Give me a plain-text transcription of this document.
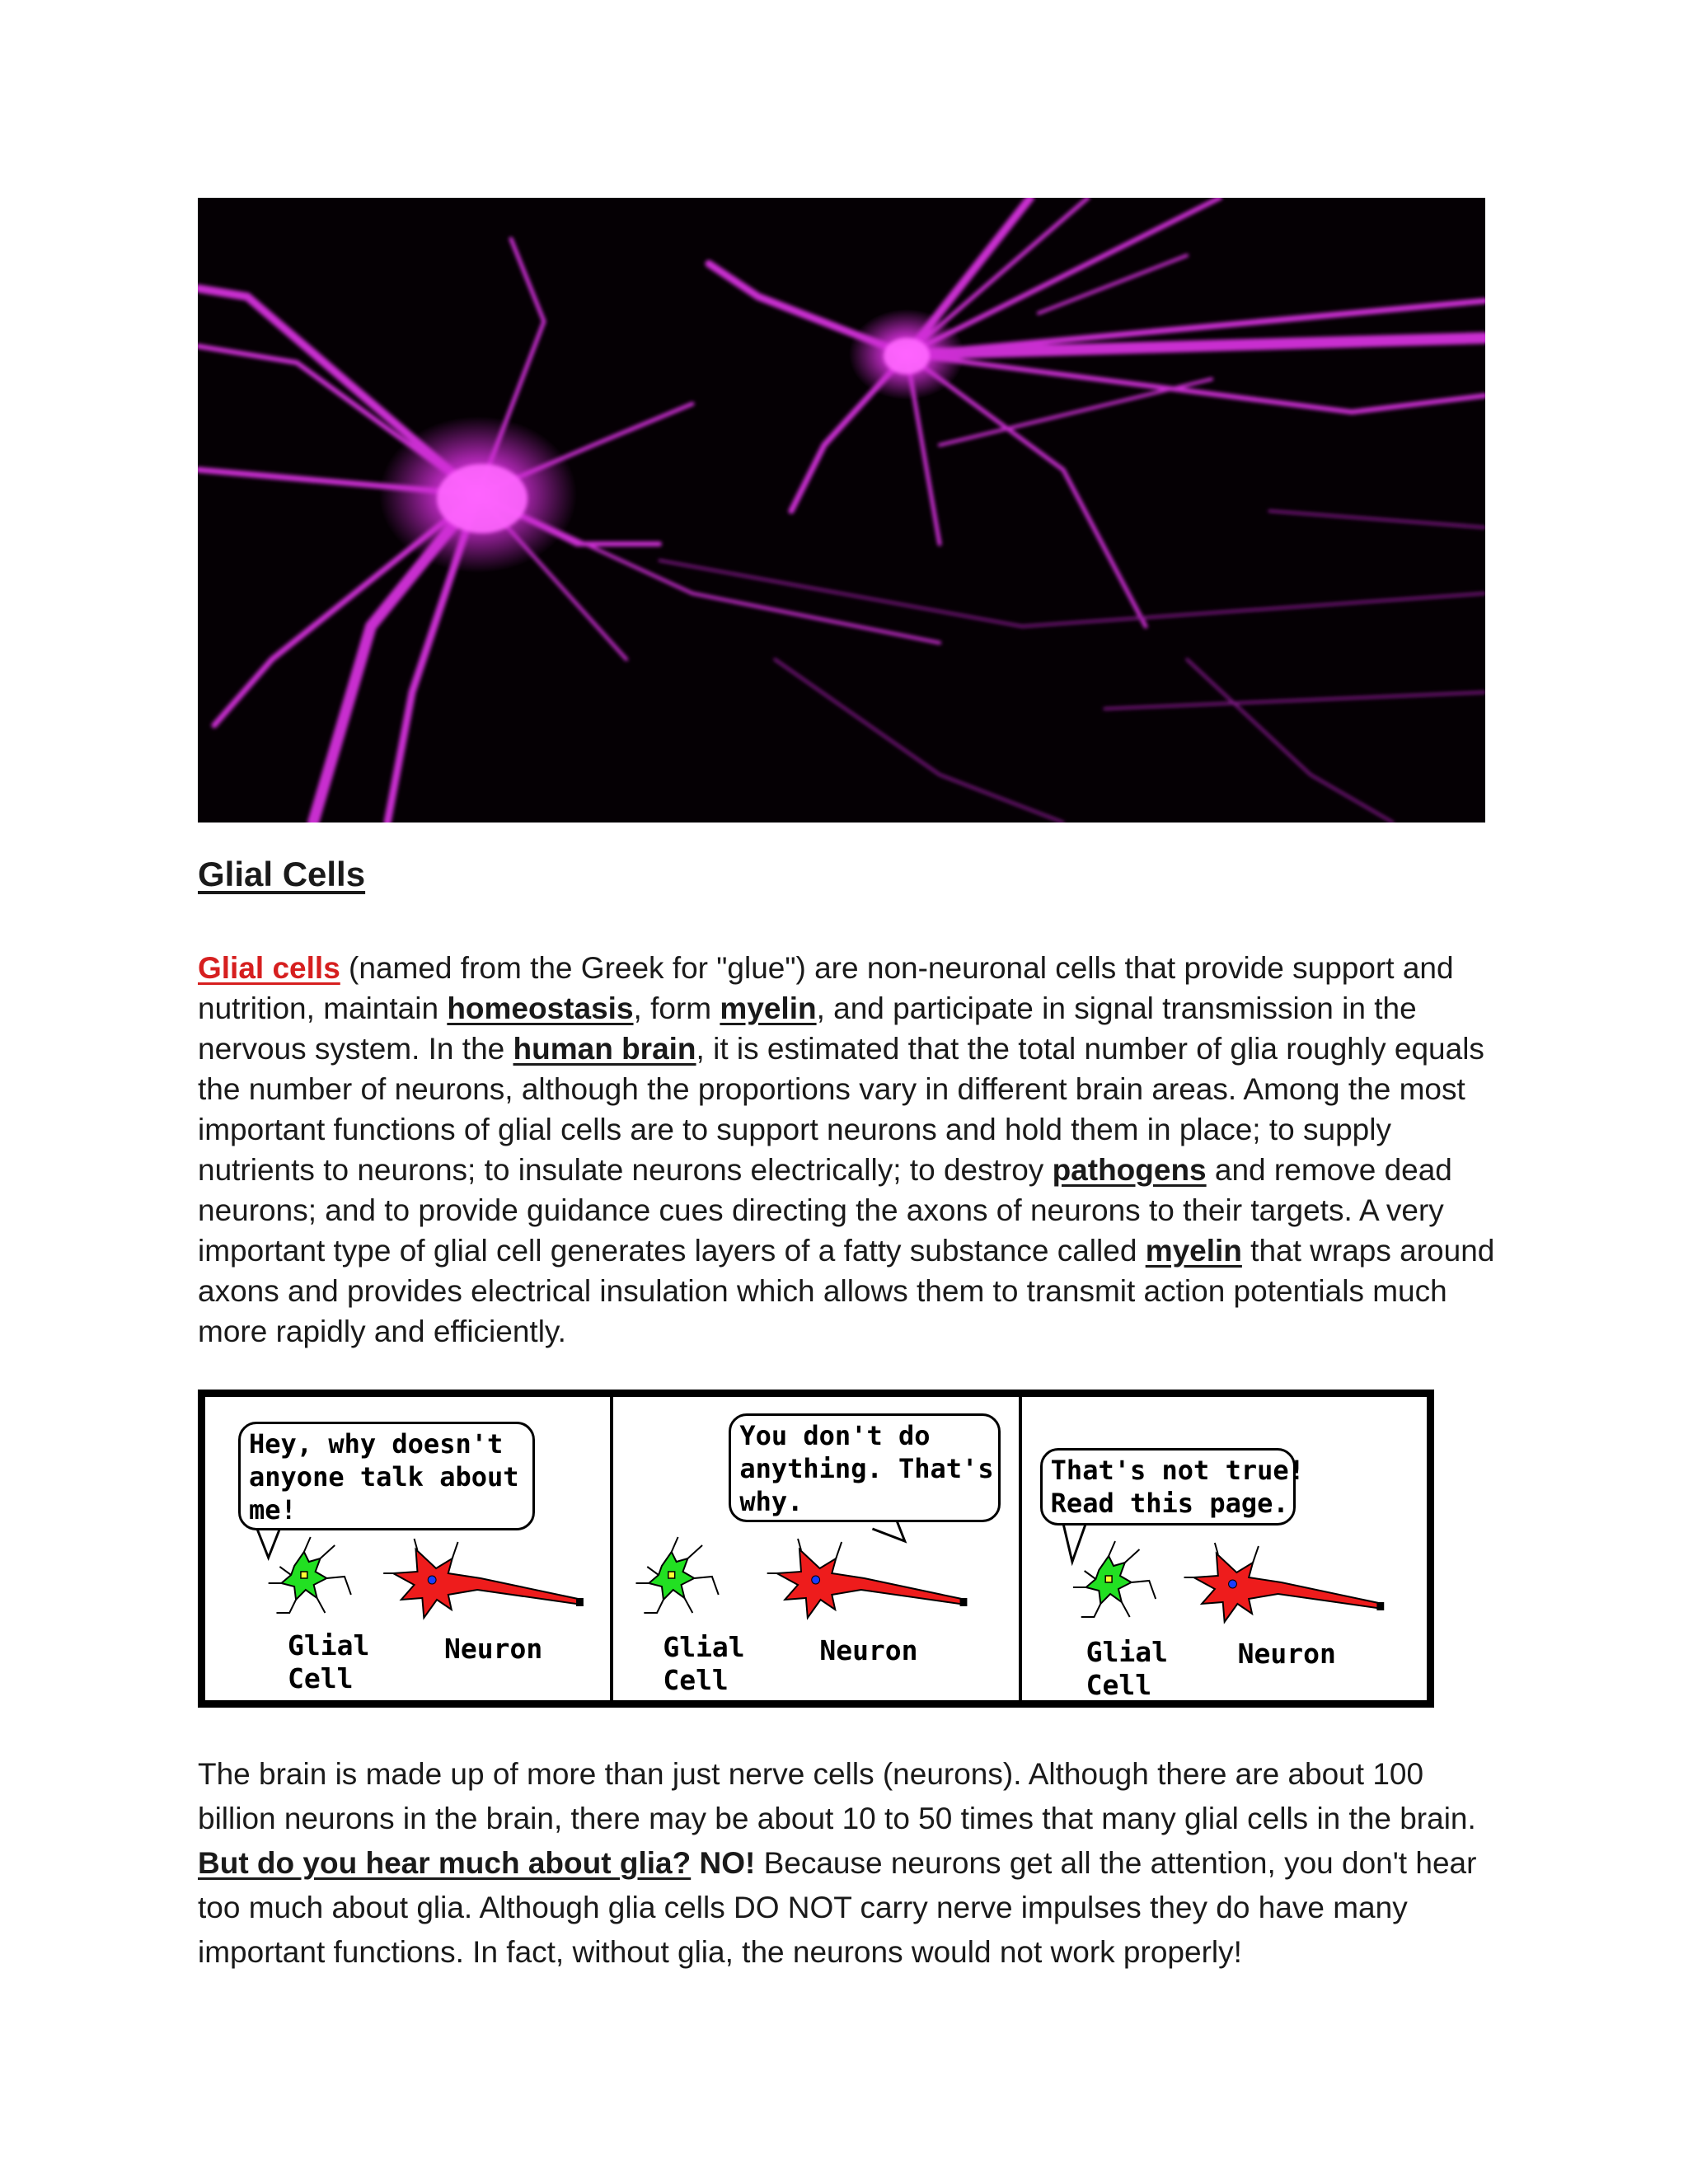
Glial Cells

Glial cells (named from the Greek for "glue") are non-neuronal cells that provide support and nutrition, maintain homeostasis, form myelin, and participate in signal transmission in the nervous system. In the human brain, it is estimated that the total number of glia roughly equals the number of neurons, although the proportions vary in different brain areas. Among the most important functions of glial cells are to support neurons and hold them in place; to supply nutrients to neurons; to insulate neurons electrically; to destroy pathogens and remove dead neurons; and to provide guidance cues directing the axons of neurons to their targets. A very important type of glial cell generates layers of a fatty substance called myelin that wraps around axons and provides electrical insulation which allows them to transmit action potentials much more rapidly and efficiently.

Hey, why doesn't
anyone talk about
me!
Glial
Cell
Neuron
You don't do
anything. That's
why.
Glial
Cell
Neuron
That's not true!
Read this page.
Glial
Cell
Neuron

The brain is made up of more than just nerve cells (neurons). Although there are about 100 billion neurons in the brain, there may be about 10 to 50 times that many glial cells in the brain. But do you hear much about glia? NO! Because neurons get all the attention, you don't hear too much about glia. Although glia cells DO NOT carry nerve impulses they do have many important functions. In fact, without glia, the neurons would not work properly!
